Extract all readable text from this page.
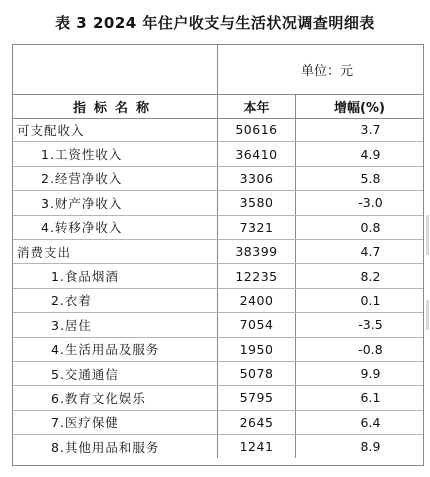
表 3 2024 年住户收支与生活状况调查明细表
单位：元
指标名称	本年	增幅(%)
可支配收入	50616	3.7
1.工资性收入	36410	4.9
2.经营净收入	3306	5.8
3.财产净收入	3580	-3.0
4.转移净收入	7321	0.8
消费支出	38399	4.7
1.食品烟酒	12235	8.2
2.衣着	2400	0.1
3.居住	7054	-3.5
4.生活用品及服务	1950	-0.8
5.交通通信	5078	9.9
6.教育文化娱乐	5795	6.1
7.医疗保健	2645	6.4
8.其他用品和服务	1241	8.9
